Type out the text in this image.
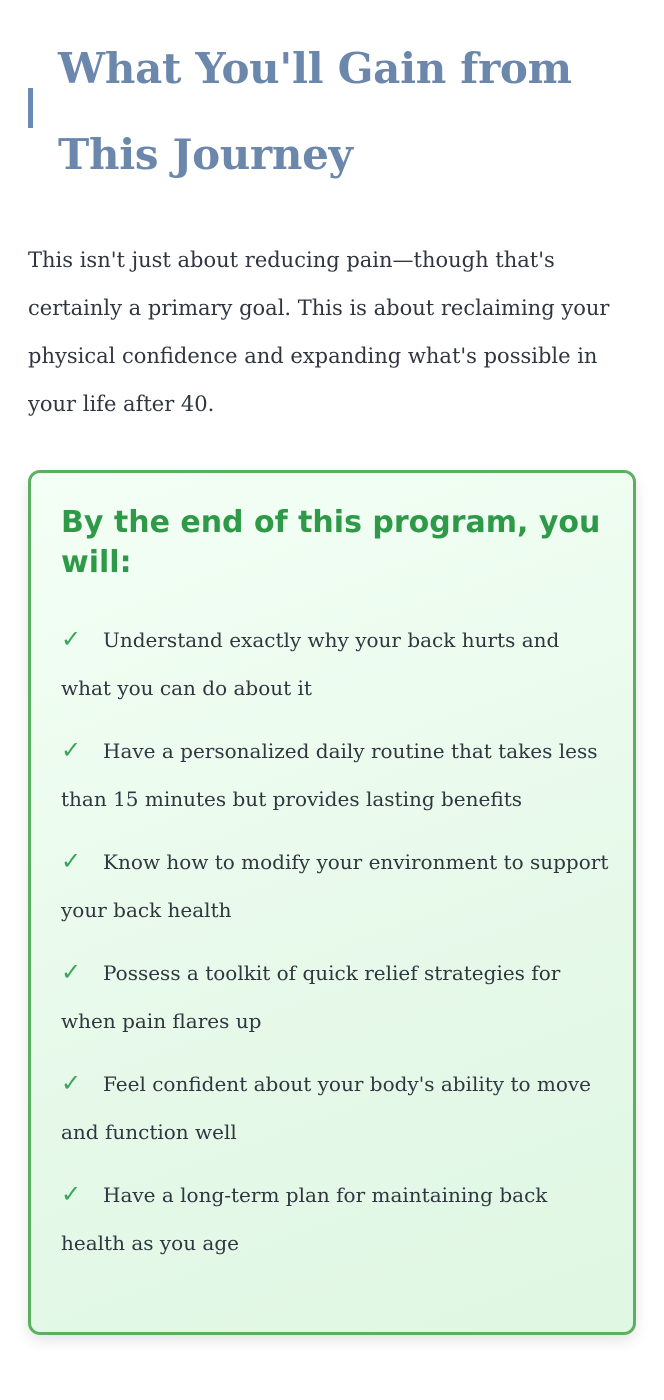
What You'll Gain from This Journey

This isn't just about reducing pain—though that's certainly a primary goal. This is about reclaiming your physical confidence and expanding what's possible in your life after 40.

By the end of this program, you will:
✓ Understand exactly why your back hurts and what you can do about it
✓ Have a personalized daily routine that takes less than 15 minutes but provides lasting benefits
✓ Know how to modify your environment to support your back health
✓ Possess a toolkit of quick relief strategies for when pain flares up
✓ Feel confident about your body's ability to move and function well
✓ Have a long-term plan for maintaining back health as you age
